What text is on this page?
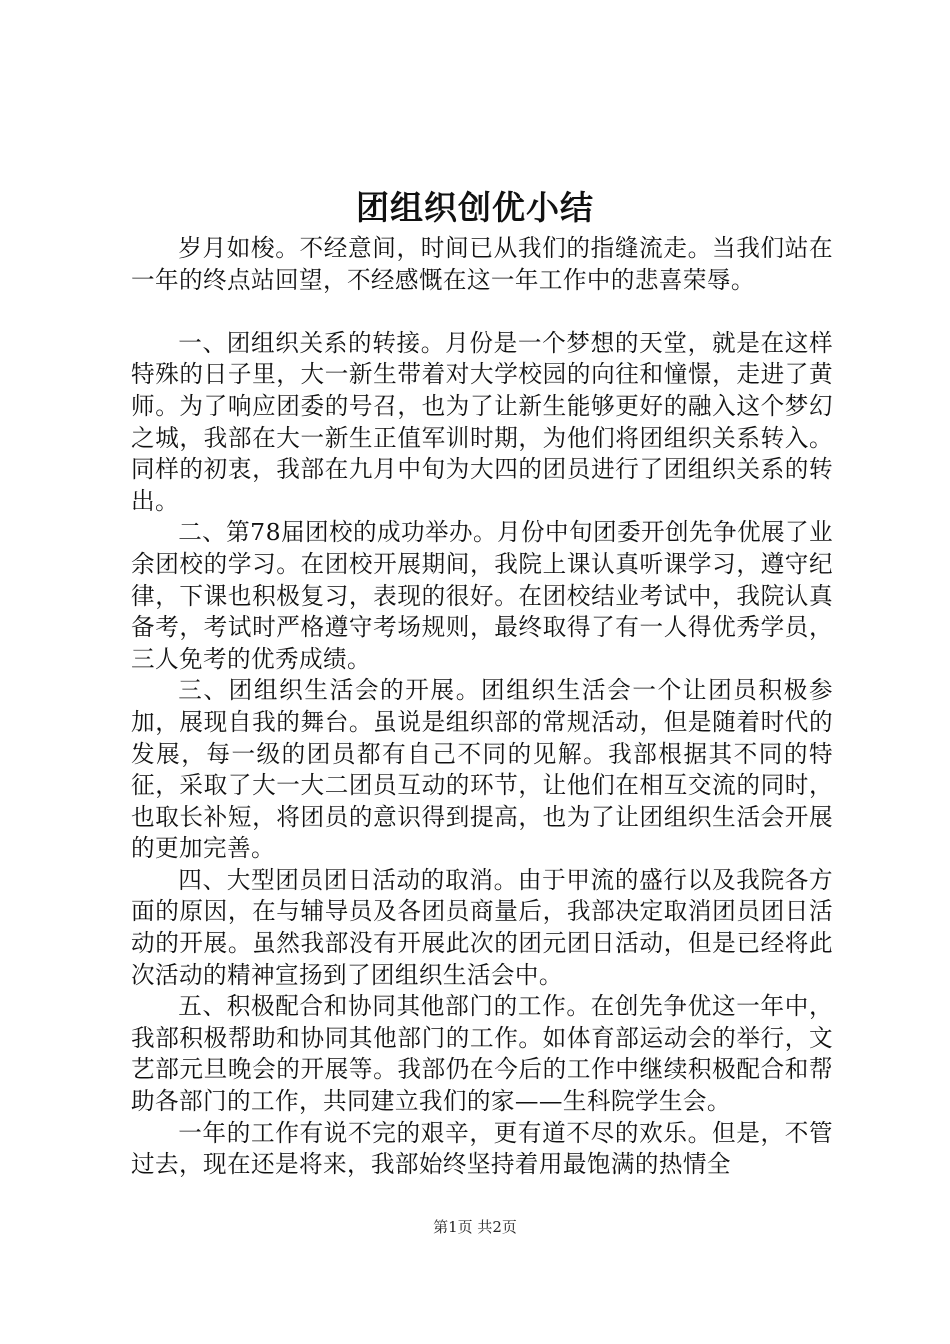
团组织创优小结

岁月如梭。不经意间，时间已从我们的指缝流走。当我们站在一年的终点站回望，不经感慨在这一年工作中的悲喜荣辱。

一、团组织关系的转接。月份是一个梦想的天堂，就是在这样特殊的日子里，大一新生带着对大学校园的向往和憧憬，走进了黄师。为了响应团委的号召，也为了让新生能够更好的融入这个梦幻之城，我部在大一新生正值军训时期，为他们将团组织关系转入。同样的初衷，我部在九月中旬为大四的团员进行了团组织关系的转出。

二、第78届团校的成功举办。月份中旬团委开创先争优展了业余团校的学习。在团校开展期间，我院上课认真听课学习，遵守纪律，下课也积极复习，表现的很好。在团校结业考试中，我院认真备考，考试时严格遵守考场规则，最终取得了有一人得优秀学员，三人免考的优秀成绩。

三、团组织生活会的开展。团组织生活会一个让团员积极参加，展现自我的舞台。虽说是组织部的常规活动，但是随着时代的发展，每一级的团员都有自己不同的见解。我部根据其不同的特征，采取了大一大二团员互动的环节，让他们在相互交流的同时，也取长补短，将团员的意识得到提高，也为了让团组织生活会开展的更加完善。

四、大型团员团日活动的取消。由于甲流的盛行以及我院各方面的原因，在与辅导员及各团员商量后，我部决定取消团员团日活动的开展。虽然我部没有开展此次的团元团日活动，但是已经将此次活动的精神宣扬到了团组织生活会中。

五、积极配合和协同其他部门的工作。在创先争优这一年中，我部积极帮助和协同其他部门的工作。如体育部运动会的举行，文艺部元旦晚会的开展等。我部仍在今后的工作中继续积极配合和帮助各部门的工作，共同建立我们的家——生科院学生会。

一年的工作有说不完的艰辛，更有道不尽的欢乐。但是，不管过去，现在还是将来，我部始终坚持着用最饱满的热情全

第1页 共2页
